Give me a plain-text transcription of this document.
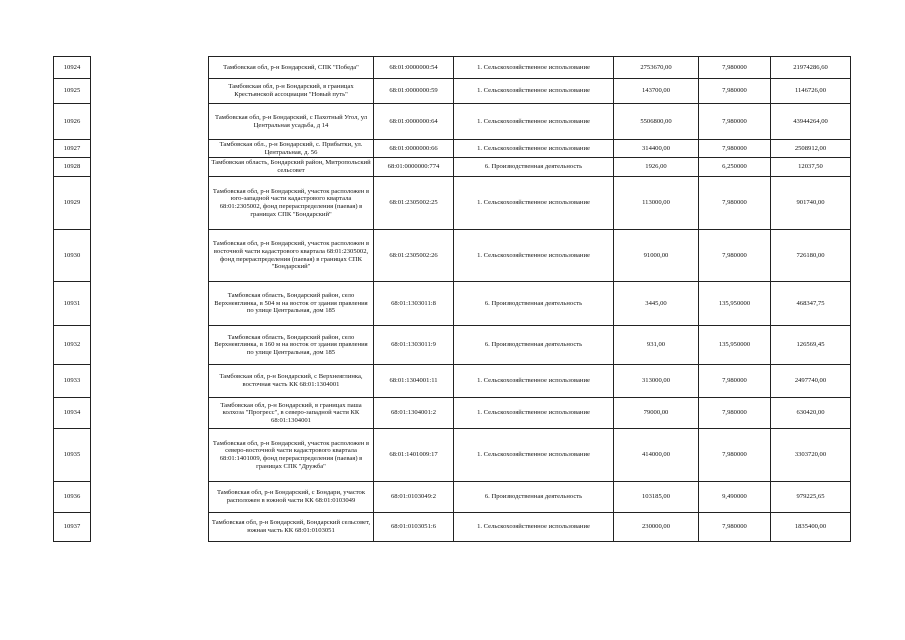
10924		Тамбовская обл, р-н Бондарский, СПК "Победа"	68:01:0000000:54	1. Сельскохозяйственное использование	2753670,00	7,980000	21974286,60
10925		Тамбовская обл, р-н Бондарский, в границах Крестьянской ассоциации "Новый путь"	68:01:0000000:59	1. Сельскохозяйственное использование	143700,00	7,980000	1146726,00
10926		Тамбовская обл, р-н Бондарский, с Пахотный Угол, ул Центральная усадьба, д 14	68:01:0000000:64	1. Сельскохозяйственное использование	5506800,00	7,980000	43944264,00
10927		Тамбовская обл., р-н Бондарский, с. Прибытки, ул. Центральная, д. 56	68:01:0000000:66	1. Сельскохозяйственное использование	314400,00	7,980000	2508912,00
10928		Тамбовская область, Бондарский район, Митропольский сельсовет	68:01:0000000:774	6. Производственная деятельность	1926,00	6,250000	12037,50
10929		Тамбовская обл, р-н Бондарский, участок расположен в юго-западной части кадастрового квартала 68:01:2305002, фонд перераспределения (паевая) в границах СПК "Бондарский"	68:01:2305002:25	1. Сельскохозяйственное использование	113000,00	7,980000	901740,00
10930		Тамбовская обл, р-н Бондарский, участок расположен в восточной части кадастрового квартала 68:01:2305002, фонд перераспределения (паевая) в границах СПК "Бондарский"	68:01:2305002:26	1. Сельскохозяйственное использование	91000,00	7,980000	726180,00
10931		Тамбовская область, Бондарский район, село Верхнеяглинка, в 504 м на восток от здания правления по улице Центральная, дом 185	68:01:1303011:8	6. Производственная деятельность	3445,00	135,950000	468347,75
10932		Тамбовская область, Бондарский район, село Верхнеяглинка, в 160 м на восток от здания правления по улице Центральная, дом 185	68:01:1303011:9	6. Производственная деятельность	931,00	135,950000	126569,45
10933		Тамбовская обл, р-н Бондарский, с Верхнеяглинка, восточная часть КК 68:01:1304001	68:01:1304001:11	1. Сельскохозяйственное использование	313000,00	7,980000	2497740,00
10934		Тамбовская обл, р-н Бондарский, в границах паша колхоза "Прогресс", в северо-западной части КК 68:01:1304001	68:01:1304001:2	1. Сельскохозяйственное использование	79000,00	7,980000	630420,00
10935		Тамбовская обл, р-н Бондарский, участок расположен в северо-восточной части кадастрового квартала 68:01:1401009, фонд перераспределения (паевая) в границах СПК "Дружба"	68:01:1401009:17	1. Сельскохозяйственное использование	414000,00	7,980000	3303720,00
10936		Тамбовская обл, р-н Бондарский, с Бондари, участок расположен в южной части КК 68:01:0103049	68:01:0103049:2	6. Производственная деятельность	103185,00	9,490000	979225,65
10937		Тамбовская обл, р-н Бондарский, Бондарский сельсовет, южная часть КК 68:01:0103051	68:01:0103051:6	1. Сельскохозяйственное использование	230000,00	7,980000	1835400,00
